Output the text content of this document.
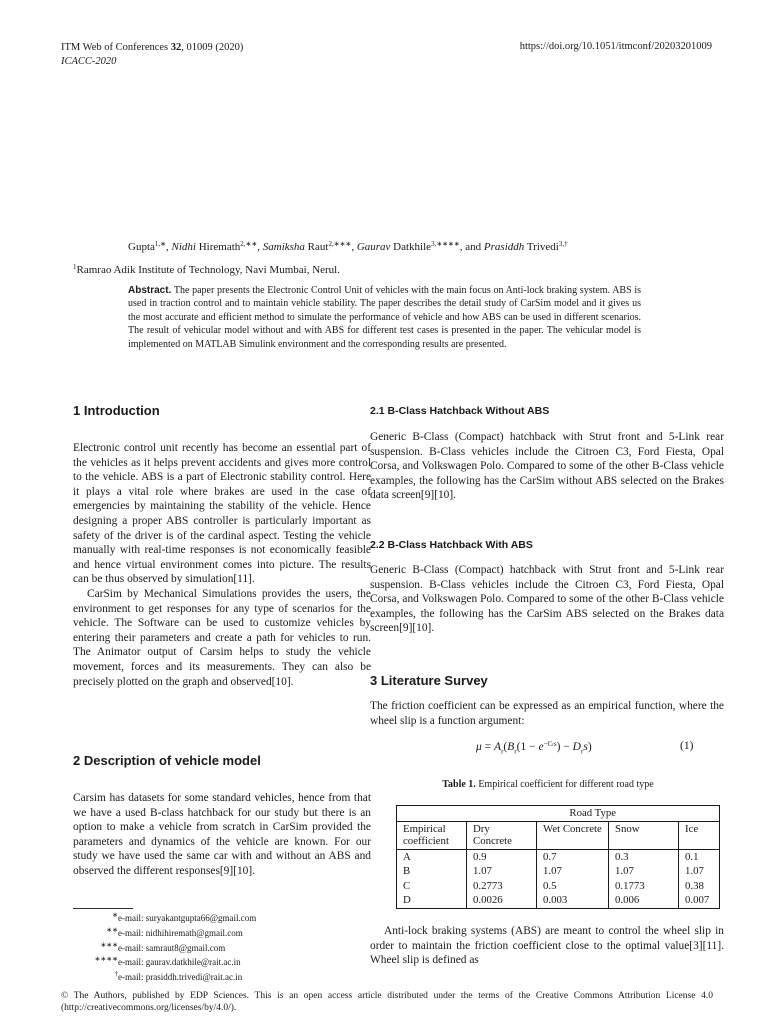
ITM Web of Conferences 32, 01009 (2020)
ICACC-2020
https://doi.org/10.1051/itmconf/20203201009
Gupta$^{1,∗}$, Nidhi Hiremath$^{2,∗∗}$, Samiksha Raut$^{2,∗∗∗}$, Gaurav Datkhile$^{3,∗∗∗∗}$, and Prasiddh Trivedi$^{3,\dagger}$
$^1$Ramrao Adik Institute of Technology, Navi Mumbai, Nerul.
Abstract. The paper presents the Electronic Control Unit of vehicles with the main focus on Anti-lock braking system. ABS is used in traction control and to maintain vehicle stability. The paper describes the detail study of CarSim model and it gives us the most accurate and efficient method to simulate the performance of vehicle and how ABS can be used in different scenarios. The result of vehicular model without and with ABS for different test cases is presented in the paper. The vehicular model is implemented on MATLAB Simulink environment and the corresponding results are presented.
1 Introduction

Electronic control unit recently has become an essential part of the vehicles as it helps prevent accidents and gives more control to the vehicle. ABS is a part of Electronic stability control. Here it plays a vital role where brakes are used in the case of emergencies by maintaining the stability of the vehicle. Hence designing a proper ABS controller is particularly important as safety of the driver is of the cardinal aspect. Testing the vehicle manually with real-time responses is not economically feasible and hence virtual environment comes into picture. The results can be thus observed by simulation[11].

CarSim by Mechanical Simulations provides the users, the environment to get responses for any type of scenarios for the vehicle. The Software can be used to customize vehicles by entering their parameters and create a path for vehicles to run. The Animator output of Carsim helps to study the vehicle movement, forces and its measurements. They can also be precisely plotted on the graph and observed[10].

2 Description of vehicle model

Carsim has datasets for some standard vehicles, hence from that we have a used B-class hatchback for our study but there is an option to make a vehicle from scratch in CarSim provided the parameters and dynamics of the vehicle are known. For our study we have used the same car with and without an ABS and observed the different responses[9][10].

2.1 B-Class Hatchback Without ABS

Generic B-Class (Compact) hatchback with Strut front and 5-Link rear suspension. B-Class vehicles include the Citroen C3, Ford Fiesta, Opal Corsa, and Volkswagen Polo. Compared to some of the other B-Class vehicle examples, the following has the CarSim without ABS selected on the Brakes data screen[9][10].

2.2 B-Class Hatchback With ABS

Generic B-Class (Compact) hatchback with Strut front and 5-Link rear suspension. B-Class vehicles include the Citroen C3, Ford Fiesta, Opal Corsa, and Volkswagen Polo. Compared to some of the other B-Class vehicle examples, the following has the CarSim ABS selected on the Brakes data screen[9][10].

3 Literature Survey

The friction coefficient can be expressed as an empirical function, where the wheel slip is a function argument:

$\mu = A_r(B_r(1 - e^{-Crs}) - D_rs)$	(1)
Table 1. Empirical coefficient for different road type
	Road Type			
Empirical coefficient	Dry Concrete	Wet Concrete	Snow	Ice
A	0.9	0.7	0.3	0.1
B	1.07	1.07	1.07	1.07
C	0.2773	0.5	0.1773	0.38
D	0.0026	0.003	0.006	0.007

Anti-lock braking systems (ABS) are meant to control the wheel slip in order to maintain the friction coefficient close to the optimal value[3][11]. Wheel slip is defined as

∗e-mail: suryakantgupta66@gmail.com
∗∗e-mail: nidhihiremath@gmail.com
∗∗∗e-mail: samraut8@gmail.com
∗∗∗∗e-mail: gaurav.datkhile@rait.ac.in
†e-mail: prasiddh.trivedi@rait.ac.in
© The Authors, published by EDP Sciences. This is an open access article distributed under the terms of the Creative Commons Attribution License 4.0 (http://creativecommons.org/licenses/by/4.0/).
